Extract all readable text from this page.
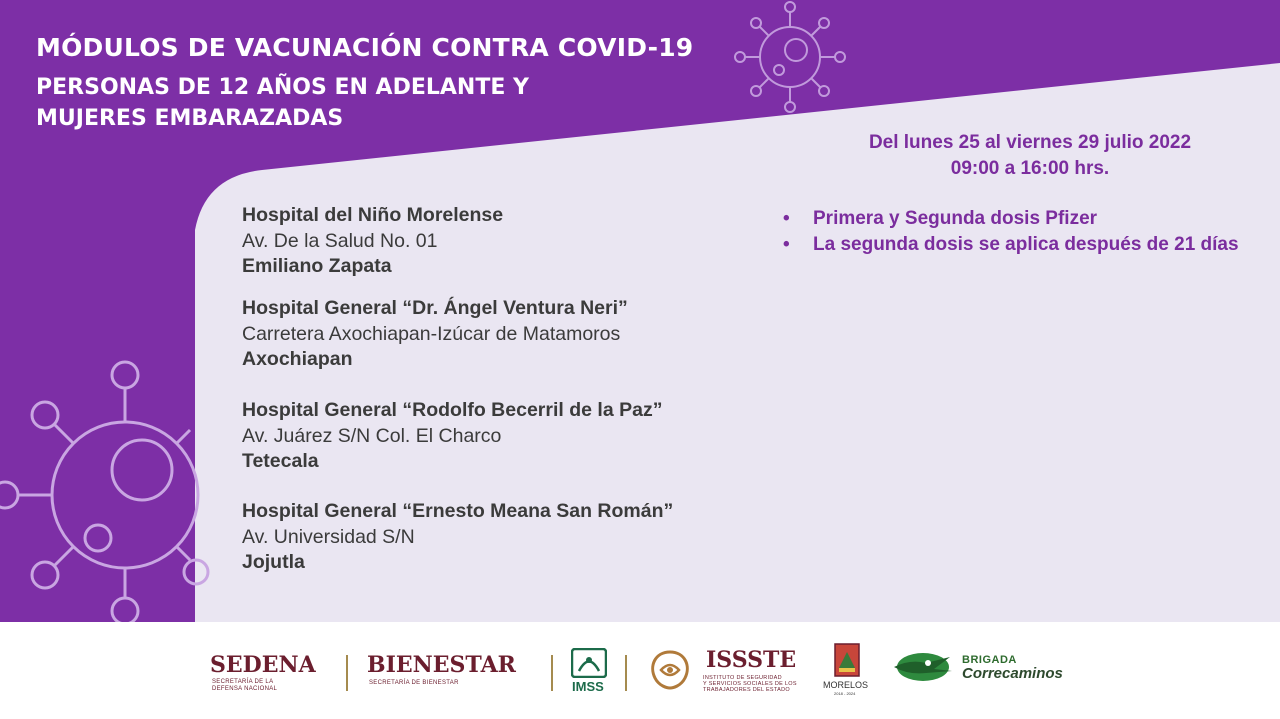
MÓDULOS DE VACUNACIÓN CONTRA COVID-19
PERSONAS DE 12 AÑOS EN ADELANTE Y
MUJERES EMBARAZADAS
Del lunes 25 al viernes 29 julio 2022
09:00 a 16:00 hrs.
• Primera y Segunda dosis Pfizer
• La segunda dosis se aplica después de 21 días
Hospital del Niño Morelense
Av. De la Salud No. 01
Emiliano Zapata
Hospital General “Dr. Ángel Ventura Neri”
Carretera Axochiapan-Izúcar de Matamoros
Axochiapan
Hospital General “Rodolfo Becerril de la Paz”
Av. Juárez S/N Col. El Charco
Tetecala
Hospital General “Ernesto Meana San Román”
Av. Universidad S/N
Jojutla
SEDENA
SECRETARÍA DE LA
DEFENSA NACIONAL
BIENESTAR
SECRETARÍA DE BIENESTAR	IMSS
ISSSTE
INSTITUTO DE SEGURIDAD
Y SERVICIOS SOCIALES DE LOS
TRABAJADORES DEL ESTADO	MORELOS
2018 - 2024
BRIGADA
Correcaminos
